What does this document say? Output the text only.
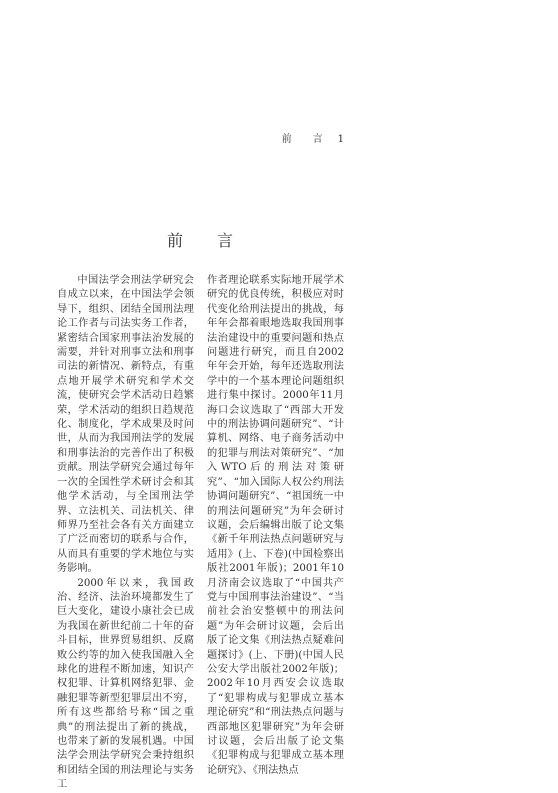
前 言 1
前 言

中国法学会刑法学研究会自成立以来，在中国法学会领导下，组织、团结全国刑法理论工作者与司法实务工作者，紧密结合国家刑事法治发展的需要，并针对刑事立法和刑事司法的新情况、新特点，有重点地开展学术研究和学术交流，使研究会学术活动日趋繁荣，学术活动的组织日趋规范化、制度化，学术成果及时问世，从而为我国刑法学的发展和刑事法治的完善作出了积极贡献。刑法学研究会通过每年一次的全国性学术研讨会和其他学术活动，与全国刑法学界、立法机关、司法机关、律师界乃至社会各有关方面建立了广泛而密切的联系与合作，从而具有重要的学术地位与实务影响。

2000年以来，我国政治、经济、法治环境都发生了巨大变化，建设小康社会已成为我国在新世纪前二十年的奋斗目标，世界贸易组织、反腐败公约等的加入使我国融入全球化的进程不断加速，知识产权犯罪、计算机网络犯罪、金融犯罪等新型犯罪层出不穷，所有这些都给号称“国之重典”的刑法提出了新的挑战，也带来了新的发展机遇。中国法学会刑法学研究会秉持组织和团结全国的刑法理论与实务工

作者理论联系实际地开展学术研究的优良传统，积极应对时代变化给刑法提出的挑战，每年年会都着眼地选取我国刑事法治建设中的重要问题和热点问题进行研究，而且自2002年年会开始，每年还选取刑法学中的一个基本理论问题组织进行集中探讨。2000年11月海口会议选取了“西部大开发中的刑法协调问题研究”、“计算机、网络、电子商务活动中的犯罪与刑法对策研究”、“加入WTO后的刑法对策研究”、“加入国际人权公约刑法协调问题研究”、“祖国统一中的刑法问题研究”为年会研讨议题，会后编辑出版了论文集《新千年刑法热点问题研究与适用》(上、下卷)(中国检察出版社2001年版)；2001年10月济南会议选取了“中国共产党与中国刑事法治建设”、“当前社会治安整顿中的刑法问题”为年会研讨议题，会后出版了论文集《刑法热点疑难问题探讨》(上、下册)(中国人民公安大学出版社2002年版)；2002年10月西安会议选取了“犯罪构成与犯罪成立基本理论研究”和“刑法热点问题与西部地区犯罪研究”为年会研讨议题，会后出版了论文集《犯罪构成与犯罪成立基本理论研究》、《刑法热点
